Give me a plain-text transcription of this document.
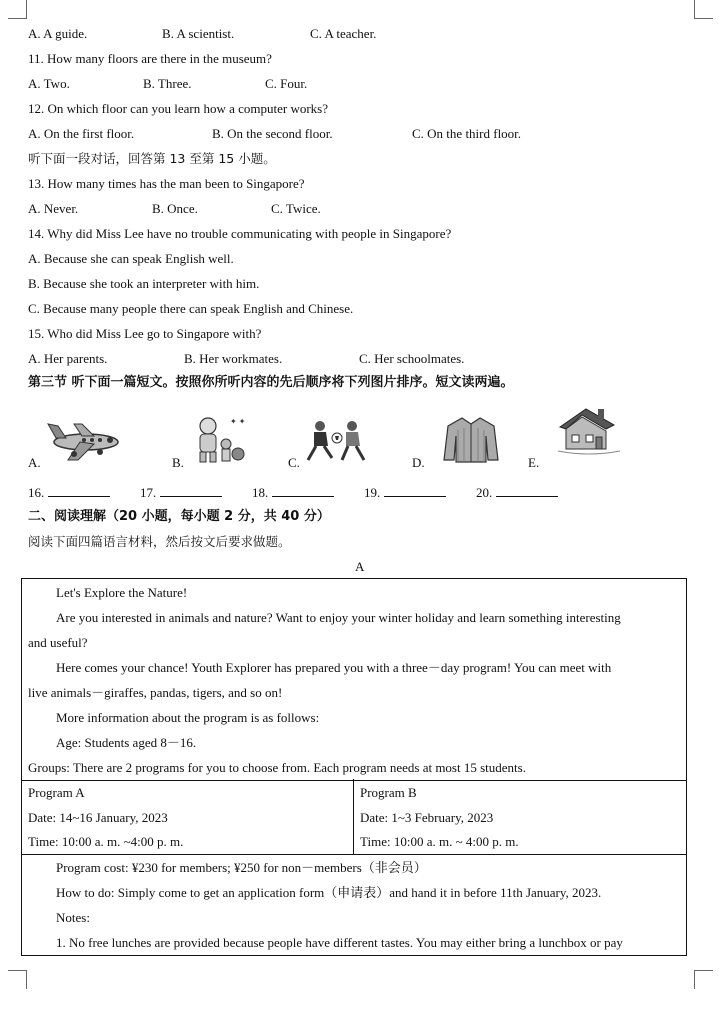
A. A guide.	B. A scientist.	C. A teacher.
11. How many floors are there in the museum?
A. Two.	B. Three.	C. Four.
12. On which floor can you learn how a computer works?
A. On the first floor.	B. On the second floor.	C. On the third floor.
听下面一段对话，回答第 13 至第 15 小题。
13. How many times has the man been to Singapore?
A. Never.	B. Once.	C. Twice.
14. Why did Miss Lee have no trouble communicating with people in Singapore?
A. Because she can speak English well.
B. Because she took an interpreter with him.
C. Because many people there can speak English and Chinese.
15. Who did Miss Lee go to Singapore with?
A. Her parents.	B. Her workmates.	C. Her schoolmates.
第三节 听下面一篇短文。按照你所听内容的先后顺序将下列图片排序。短文读两遍。
A.	B.
✦ ✦
C.	D.	E.
16.	17.	18.	19.	20.
二、阅读理解（20 小题，每小题 2 分，共 40 分）
阅读下面四篇语言材料，然后按文后要求做题。
A
Let's Explore the Nature!
Are you interested in animals and nature? Want to enjoy your winter holiday and learn something interesting
and useful?
Here comes your chance! Youth Explorer has prepared you with a three－day program! You can meet with
live animals－giraffes, pandas, tigers, and so on!
More information about the program is as follows:
Age: Students aged 8－16.
Groups: There are 2 programs for you to choose from. Each program needs at most 15 students.
Program A
Date: 14~16 January, 2023
Time: 10:00 a. m. ~4:00 p. m.
Program B
Date: 1~3 February, 2023
Time: 10:00 a. m. ~ 4:00 p. m.
Program cost: ¥230 for members; ¥250 for non－members（非会员）
How to do: Simply come to get an application form（申请表）and hand it in before 11th January, 2023.
Notes:
1. No free lunches are provided because people have different tastes. You may either bring a lunchbox or pay
